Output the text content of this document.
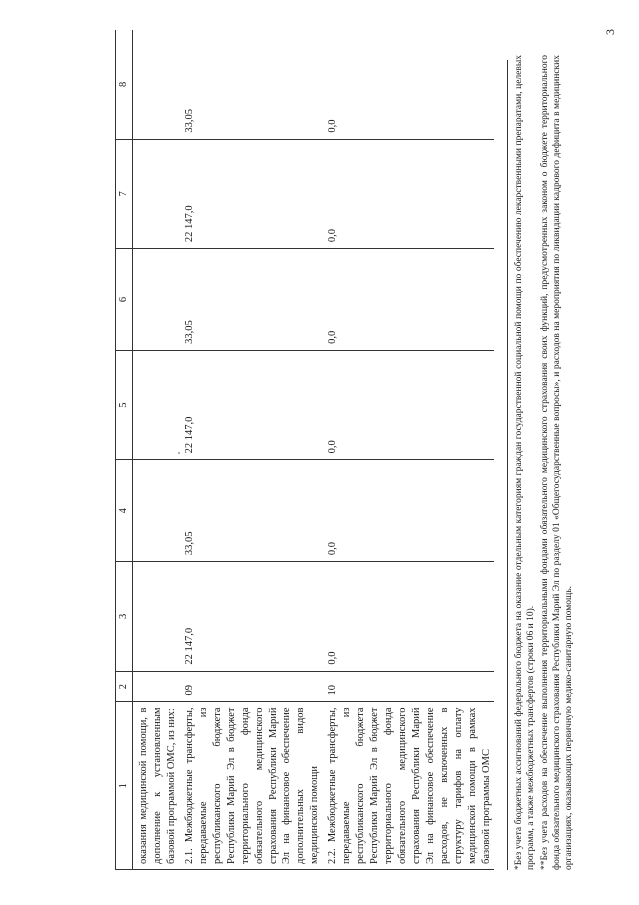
3
1	2	3	4	5	6	7	8
оказания медицинской помощи, в дополнение к установленным базовой программой ОМС, из них:							
2.1. Межбюджетные трансферты, передаваемые из республиканского бюджета Республики Марий Эл в бюджет территориального фонда обязательного медицинского страхования Республики Марий Эл на финансовое обеспечение дополнительных видов медицинской помощи	09	22 147,0	33,05	22 147,0	33,05	22 147,0	33,05
2.2. Межбюджетные трансферты, передаваемые из республиканского бюджета Республики Марий Эл в бюджет территориального фонда обязательного медицинского страхования Республики Марий Эл на финансовое обеспечение расходов, не включенных в структуру тарифов на оплату медицинской помощи в рамках базовой программы ОМС	10	0,0	0,0	0,0	0,0	0,0	0,0	*Без учета бюджетных ассигнований федерального бюджета на оказание отдельным категориям граждан государственной социальной помощи по обеспечению лекарственными препаратами, целевых программ, а также межбюджетных трансфертов (строки 06 и 10). **Без учета расходов на обеспечение выполнения территориальными фондами обязательного медицинского страхования своих функций, предусмотренных законом о бюджете территориального фонда обязательного медицинского страхования Республики Марий Эл по разделу 01 «Общегосударственные вопросы», и расходов на мероприятия по ликвидации кадрового дефицита в медицинских организациях, оказывающих первичную медико-санитарную помощь.
